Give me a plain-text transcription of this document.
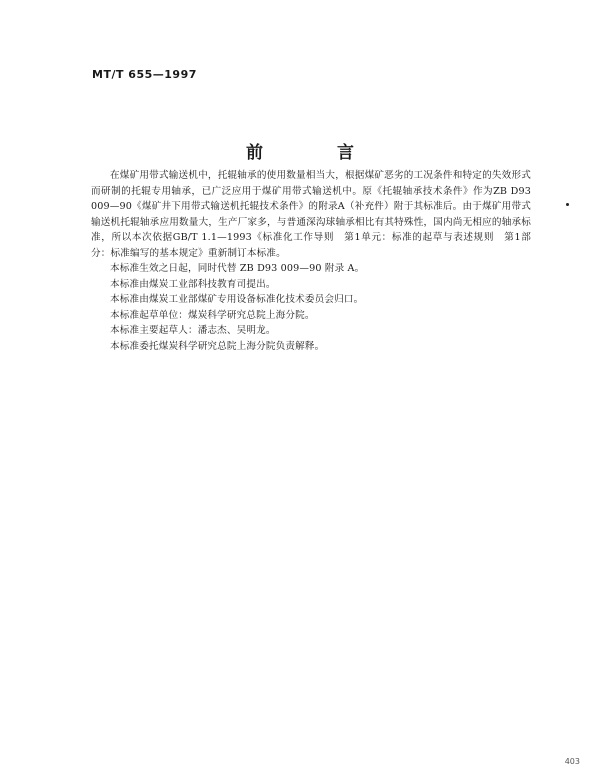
MT/T 655—1997
前 言

在煤矿用带式输送机中，托辊轴承的使用数量相当大，根据煤矿恶劣的工况条件和特定的失效形式而研制的托辊专用轴承，已广泛应用于煤矿用带式输送机中。原《托辊轴承技术条件》作为ZB D93 009—90《煤矿井下用带式输送机托辊技术条件》的附录A（补充件）附于其标准后。由于煤矿用带式输送机托辊轴承应用数量大，生产厂家多，与普通深沟球轴承相比有其特殊性，国内尚无相应的轴承标准，所以本次依据GB/T 1.1—1993《标准化工作导则　第1单元：标准的起草与表述规则　第1部分：标准编写的基本规定》重新制订本标准。

本标准生效之日起，同时代替 ZB D93 009—90 附录 A。

本标准由煤炭工业部科技教育司提出。

本标准由煤炭工业部煤矿专用设备标准化技术委员会归口。

本标准起草单位：煤炭科学研究总院上海分院。

本标准主要起草人：潘志杰、吴明龙。

本标准委托煤炭科学研究总院上海分院负责解释。

403
